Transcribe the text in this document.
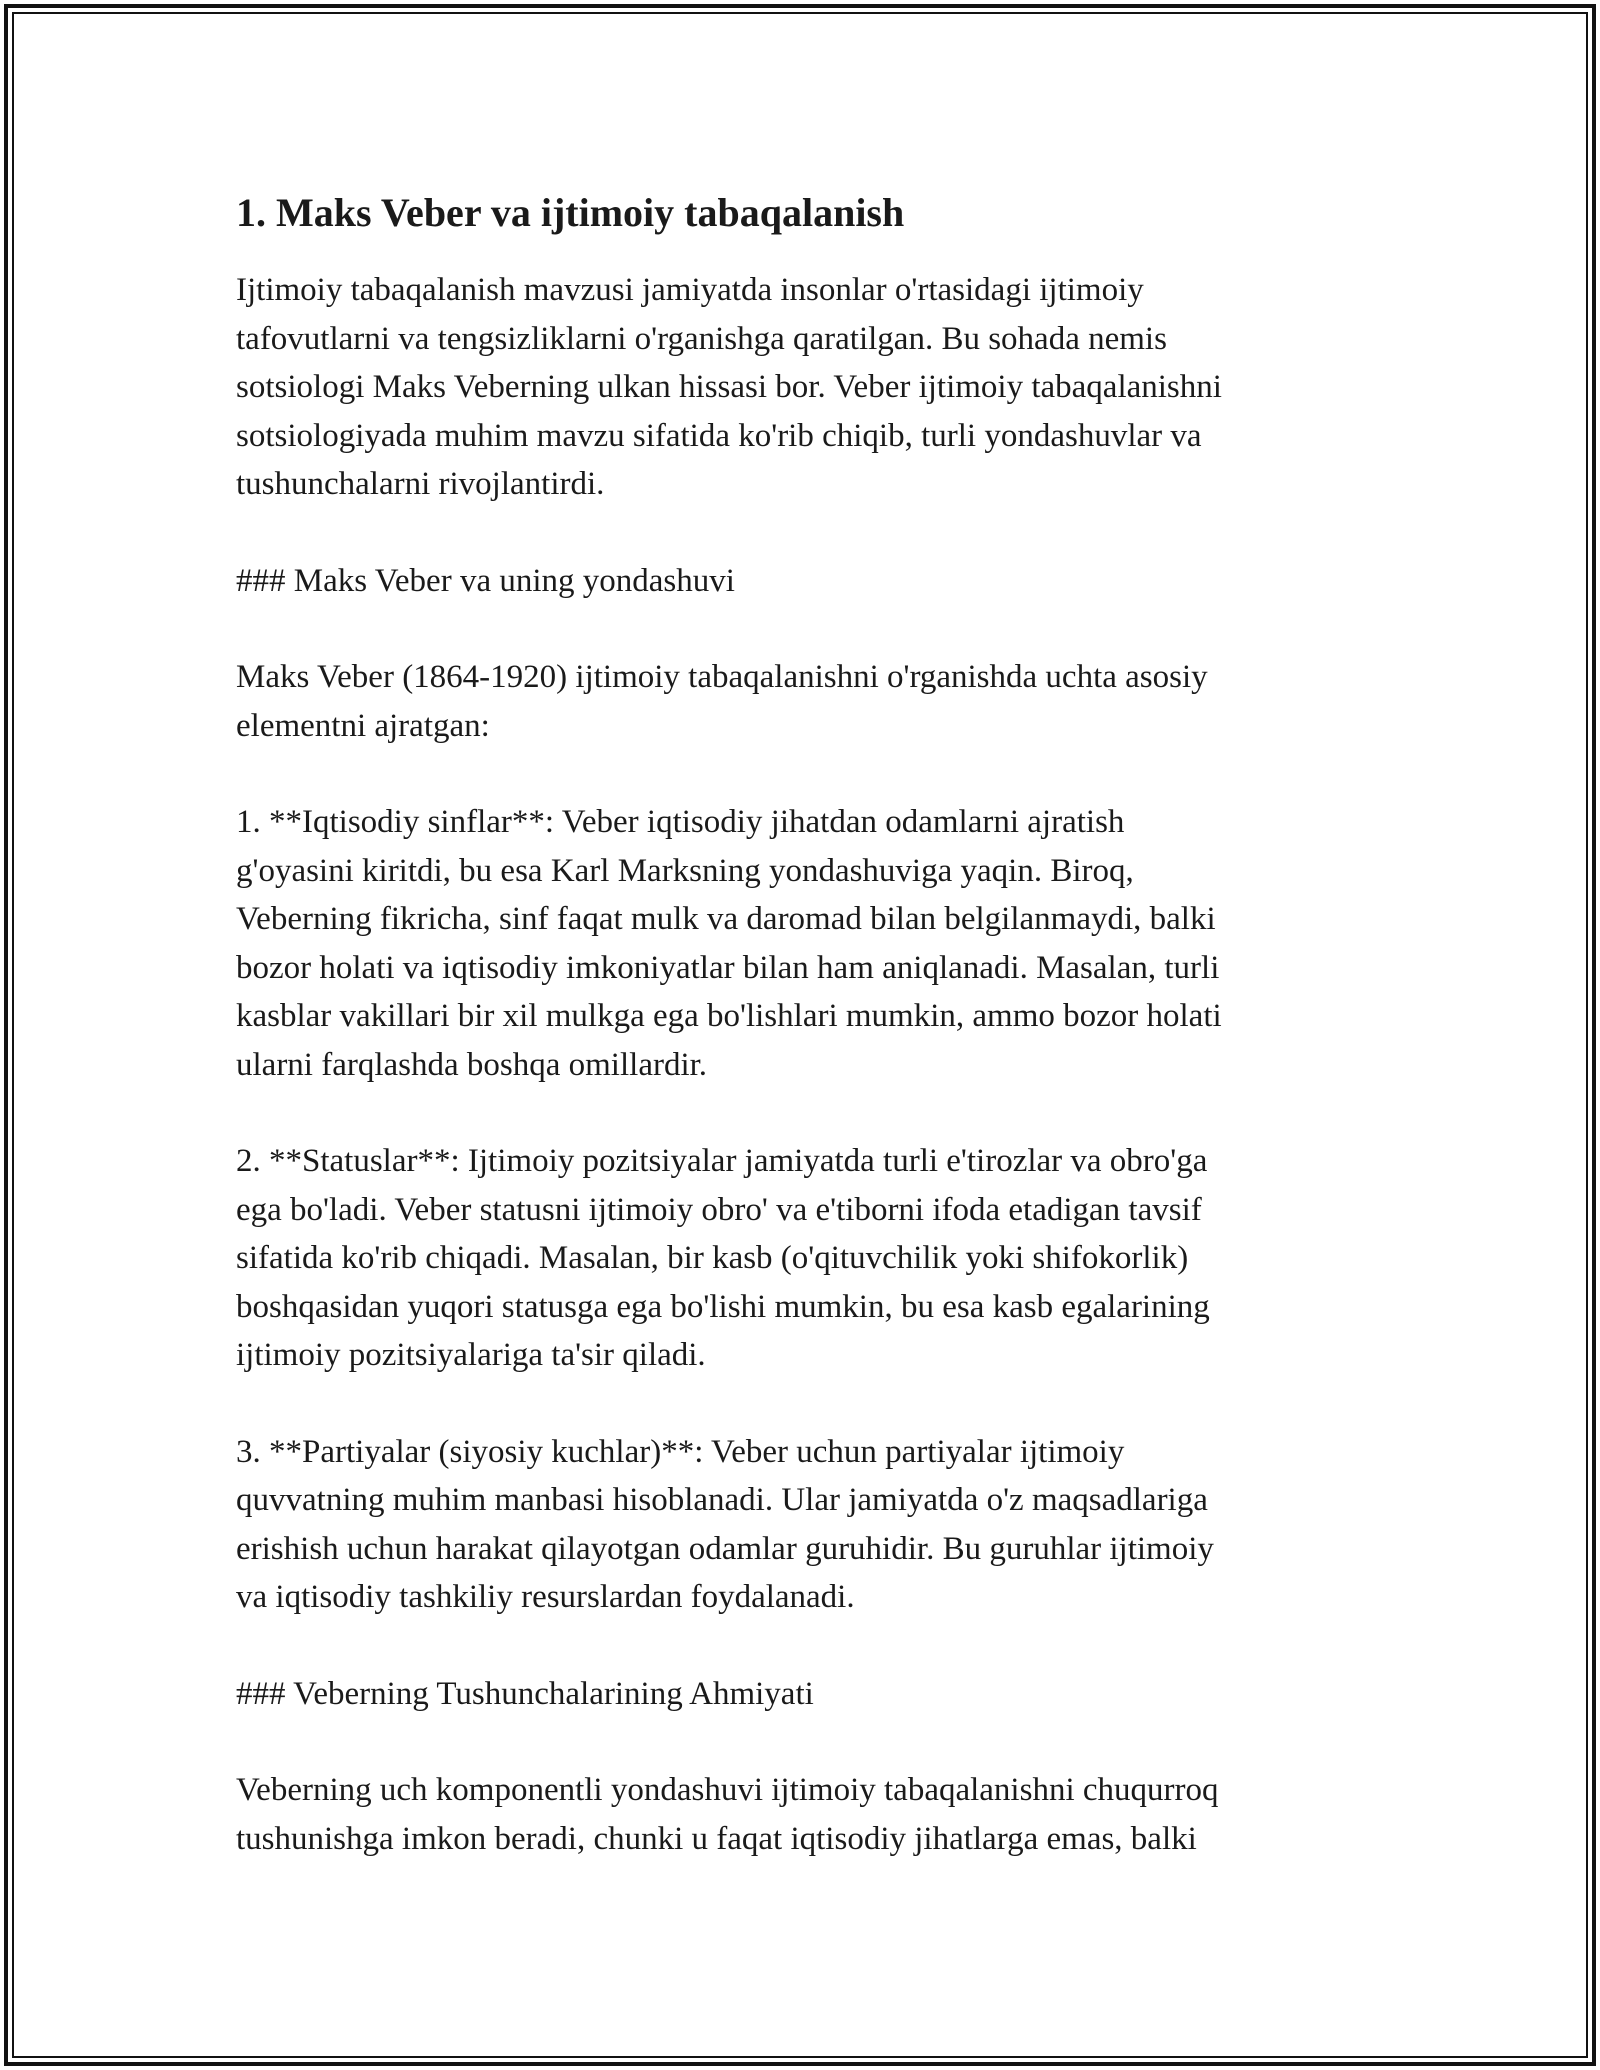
1. Maks Veber va ijtimoiy tabaqalanish

Ijtimoiy tabaqalanish mavzusi jamiyatda insonlar o'rtasidagi ijtimoiy
tafovutlarni va tengsizliklarni o'rganishga qaratilgan. Bu sohada nemis
sotsiologi Maks Veberning ulkan hissasi bor. Veber ijtimoiy tabaqalanishni
sotsiologiyada muhim mavzu sifatida ko'rib chiqib, turli yondashuvlar va
tushunchalarni rivojlantirdi.

### Maks Veber va uning yondashuvi

Maks Veber (1864-1920) ijtimoiy tabaqalanishni o'rganishda uchta asosiy
elementni ajratgan:

1. **Iqtisodiy sinflar**: Veber iqtisodiy jihatdan odamlarni ajratish
g'oyasini kiritdi, bu esa Karl Marksning yondashuviga yaqin. Biroq,
Veberning fikricha, sinf faqat mulk va daromad bilan belgilanmaydi, balki
bozor holati va iqtisodiy imkoniyatlar bilan ham aniqlanadi. Masalan, turli
kasblar vakillari bir xil mulkga ega bo'lishlari mumkin, ammo bozor holati
ularni farqlashda boshqa omillardir.

2. **Statuslar**: Ijtimoiy pozitsiyalar jamiyatda turli e'tirozlar va obro'ga
ega bo'ladi. Veber statusni ijtimoiy obro' va e'tiborni ifoda etadigan tavsif
sifatida ko'rib chiqadi. Masalan, bir kasb (o'qituvchilik yoki shifokorlik)
boshqasidan yuqori statusga ega bo'lishi mumkin, bu esa kasb egalarining
ijtimoiy pozitsiyalariga ta'sir qiladi.

3. **Partiyalar (siyosiy kuchlar)**: Veber uchun partiyalar ijtimoiy
quvvatning muhim manbasi hisoblanadi. Ular jamiyatda o'z maqsadlariga
erishish uchun harakat qilayotgan odamlar guruhidir. Bu guruhlar ijtimoiy
va iqtisodiy tashkiliy resurslardan foydalanadi.

### Veberning Tushunchalarining Ahmiyati

Veberning uch komponentli yondashuvi ijtimoiy tabaqalanishni chuqurroq
tushunishga imkon beradi, chunki u faqat iqtisodiy jihatlarga emas, balki
